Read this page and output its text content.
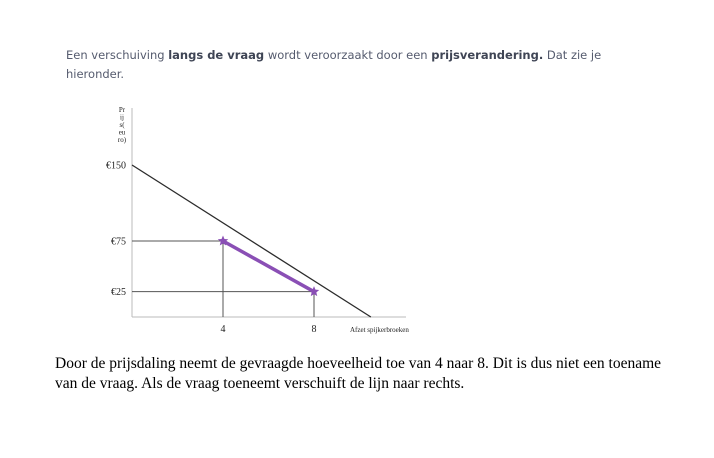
Een verschuiving langs de vraag wordt veroorzaakt door een prijsverandering. Dat zie je hieronder.
Pr ij s( eu ro)
€150
€75
€25
4	8	Afzet spijkerbroeken
Door de prijsdaling neemt de gevraagde hoeveelheid toe van 4 naar 8. Dit is dus niet een toename van de vraag. Als de vraag toeneemt verschuift de lijn naar rechts.
